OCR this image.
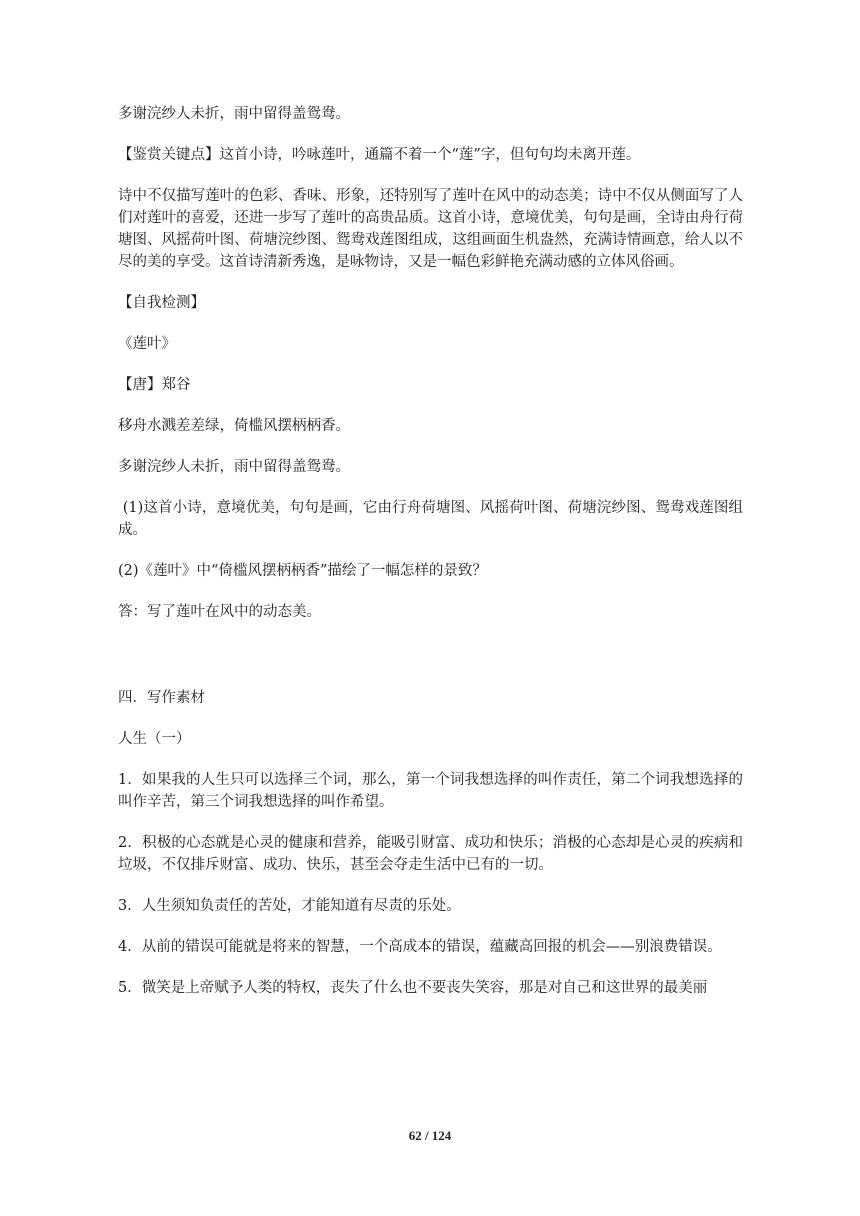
多谢浣纱人未折，雨中留得盖鸳鸯。

【鉴赏关键点】这首小诗，吟咏莲叶，通篇不着一个“莲”字，但句句均未离开莲。

诗中不仅描写莲叶的色彩、香味、形象，还特别写了莲叶在风中的动态美；诗中不仅从侧面写了人们对莲叶的喜爱，还进一步写了莲叶的高贵品质。这首小诗，意境优美，句句是画，全诗由舟行荷塘图、风摇荷叶图、荷塘浣纱图、鸳鸯戏莲图组成，这组画面生机盎然，充满诗情画意，给人以不尽的美的享受。这首诗清新秀逸，是咏物诗，又是一幅色彩鲜艳充满动感的立体风俗画。

【自我检测】

《莲叶》

【唐】郑谷

移舟水溅差差绿，倚槛风摆柄柄香。

多谢浣纱人未折，雨中留得盖鸳鸯。

(1)这首小诗，意境优美，句句是画，它由行舟荷塘图、风摇荷叶图、荷塘浣纱图、鸳鸯戏莲图组成。

(2)《莲叶》中“倚槛风摆柄柄香”描绘了一幅怎样的景致？

答：写了莲叶在风中的动态美。

四．写作素材

人生（一）

1．如果我的人生只可以选择三个词，那么，第一个词我想选择的叫作责任，第二个词我想选择的叫作辛苦，第三个词我想选择的叫作希望。

2．积极的心态就是心灵的健康和营养，能吸引财富、成功和快乐；消极的心态却是心灵的疾病和垃圾，不仅排斥财富、成功、快乐，甚至会夺走生活中已有的一切。

3．人生须知负责任的苦处，才能知道有尽责的乐处。

4．从前的错误可能就是将来的智慧，一个高成本的错误，蕴藏高回报的机会——别浪费错误。

5．微笑是上帝赋予人类的特权，丧失了什么也不要丧失笑容，那是对自己和这世界的最美丽

62 / 124
